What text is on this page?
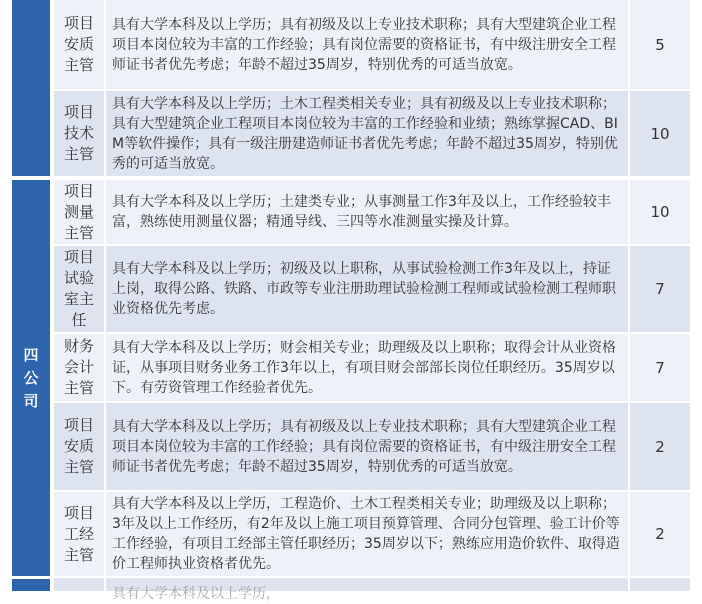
四公司
项目安质主管
具有大学本科及以上学历；具有初级及以上专业技术职称；具有大型建筑企业工程项目本岗位较为丰富的工作经验；具有岗位需要的资格证书，有中级注册安全工程师证书者优先考虑；年龄不超过35周岁，特别优秀的可适当放宽。
5
项目技术主管
具有大学本科及以上学历；土木工程类相关专业；具有初级及以上专业技术职称；具有大型建筑企业工程项目本岗位较为丰富的工作经验和业绩；熟练掌握CAD、BIM等软件操作；具有一级注册建造师证书者优先考虑；年龄不超过35周岁，特别优秀的可适当放宽。
10
项目测量主管
具有大学本科及以上学历；土建类专业；从事测量工作3年及以上，工作经验较丰富，熟练使用测量仪器；精通导线、三四等水准测量实操及计算。
10
项目试验室主任
具有大学本科及以上学历；初级及以上职称，从事试验检测工作3年及以上，持证上岗，取得公路、铁路、市政等专业注册助理试验检测工程师或试验检测工程师职业资格优先考虑。
7
财务会计主管
具有大学本科及以上学历；财会相关专业；助理级及以上职称；取得会计从业资格证，从事项目财务业务工作3年以上，有项目财会部部长岗位任职经历。35周岁以下。有劳资管理工作经验者优先。
7
项目安质主管
具有大学本科及以上学历；具有初级及以上专业技术职称；具有大型建筑企业工程项目本岗位较为丰富的工作经验；具有岗位需要的资格证书，有中级注册安全工程师证书者优先考虑；年龄不超过35周岁，特别优秀的可适当放宽。
2
项目工经主管
具有大学本科及以上学历，工程造价、土木工程类相关专业；助理级及以上职称；3年及以上工作经历，有2年及以上施工项目预算管理、合同分包管理、验工计价等工作经验，有项目工经部主管任职经历；35周岁以下；熟练应用造价软件、取得造价工程师执业资格者优先。
2
具有大学本科及以上学历，
